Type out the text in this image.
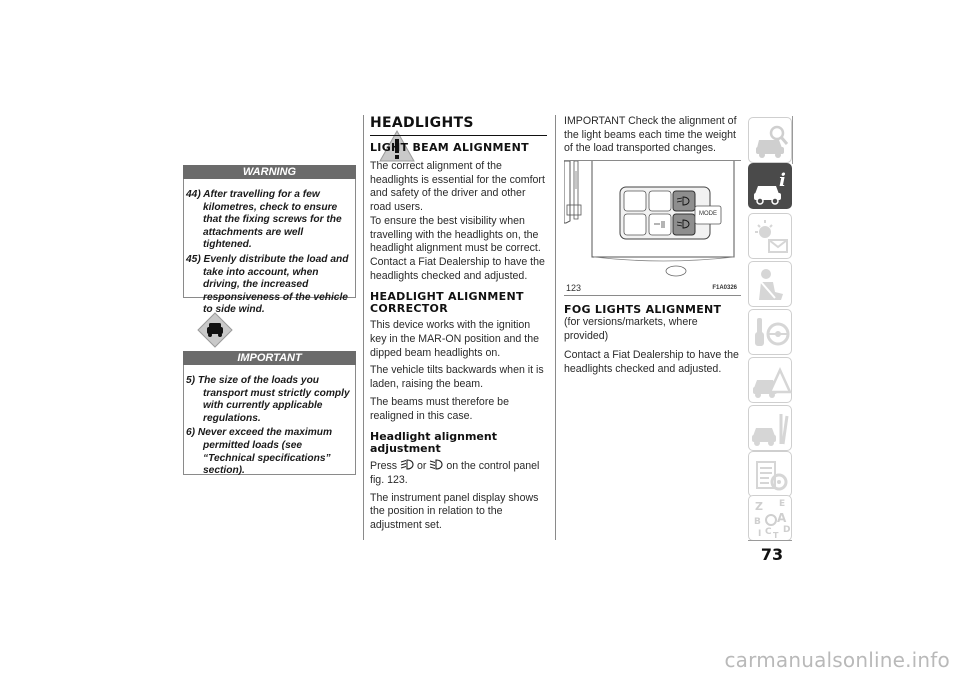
WARNING

44) After travelling for a few kilometres, check to ensure that the fixing screws for the attachments are well tightened.

45) Evenly distribute the load and take into account, when driving, the increased responsiveness of the vehicle to side wind.

IMPORTANT

5) The size of the loads you transport must strictly comply with currently applicable regulations.

6) Never exceed the maximum permitted loads (see “Technical specifications” section).

HEADLIGHTS
LIGHT BEAM ALIGNMENT

The correct alignment of the headlights is essential for the comfort and safety of the driver and other road users.

To ensure the best visibility when travelling with the headlights on, the headlight alignment must be correct. Contact a Fiat Dealership to have the headlights checked and adjusted.

HEADLIGHT ALIGNMENT CORRECTOR

This device works with the ignition key in the MAR-ON position and the dipped beam headlights on.

The vehicle tilts backwards when it is laden, raising the beam.

The beams must therefore be realigned in this case.

Headlight alignment adjustment

Press or on the control panel fig. 123.

The instrument panel display shows the position in relation to the adjustment set.

IMPORTANT Check the alignment of the light beams each time the weight of the load transported changes.

MODE
123	F1A0326
FOG LIGHTS ALIGNMENT

(for versions/markets, where provided)

Contact a Fiat Dealership to have the headlights checked and adjusted.

i
Z E
B A
I C T
D
73
carmanualsonline.info
